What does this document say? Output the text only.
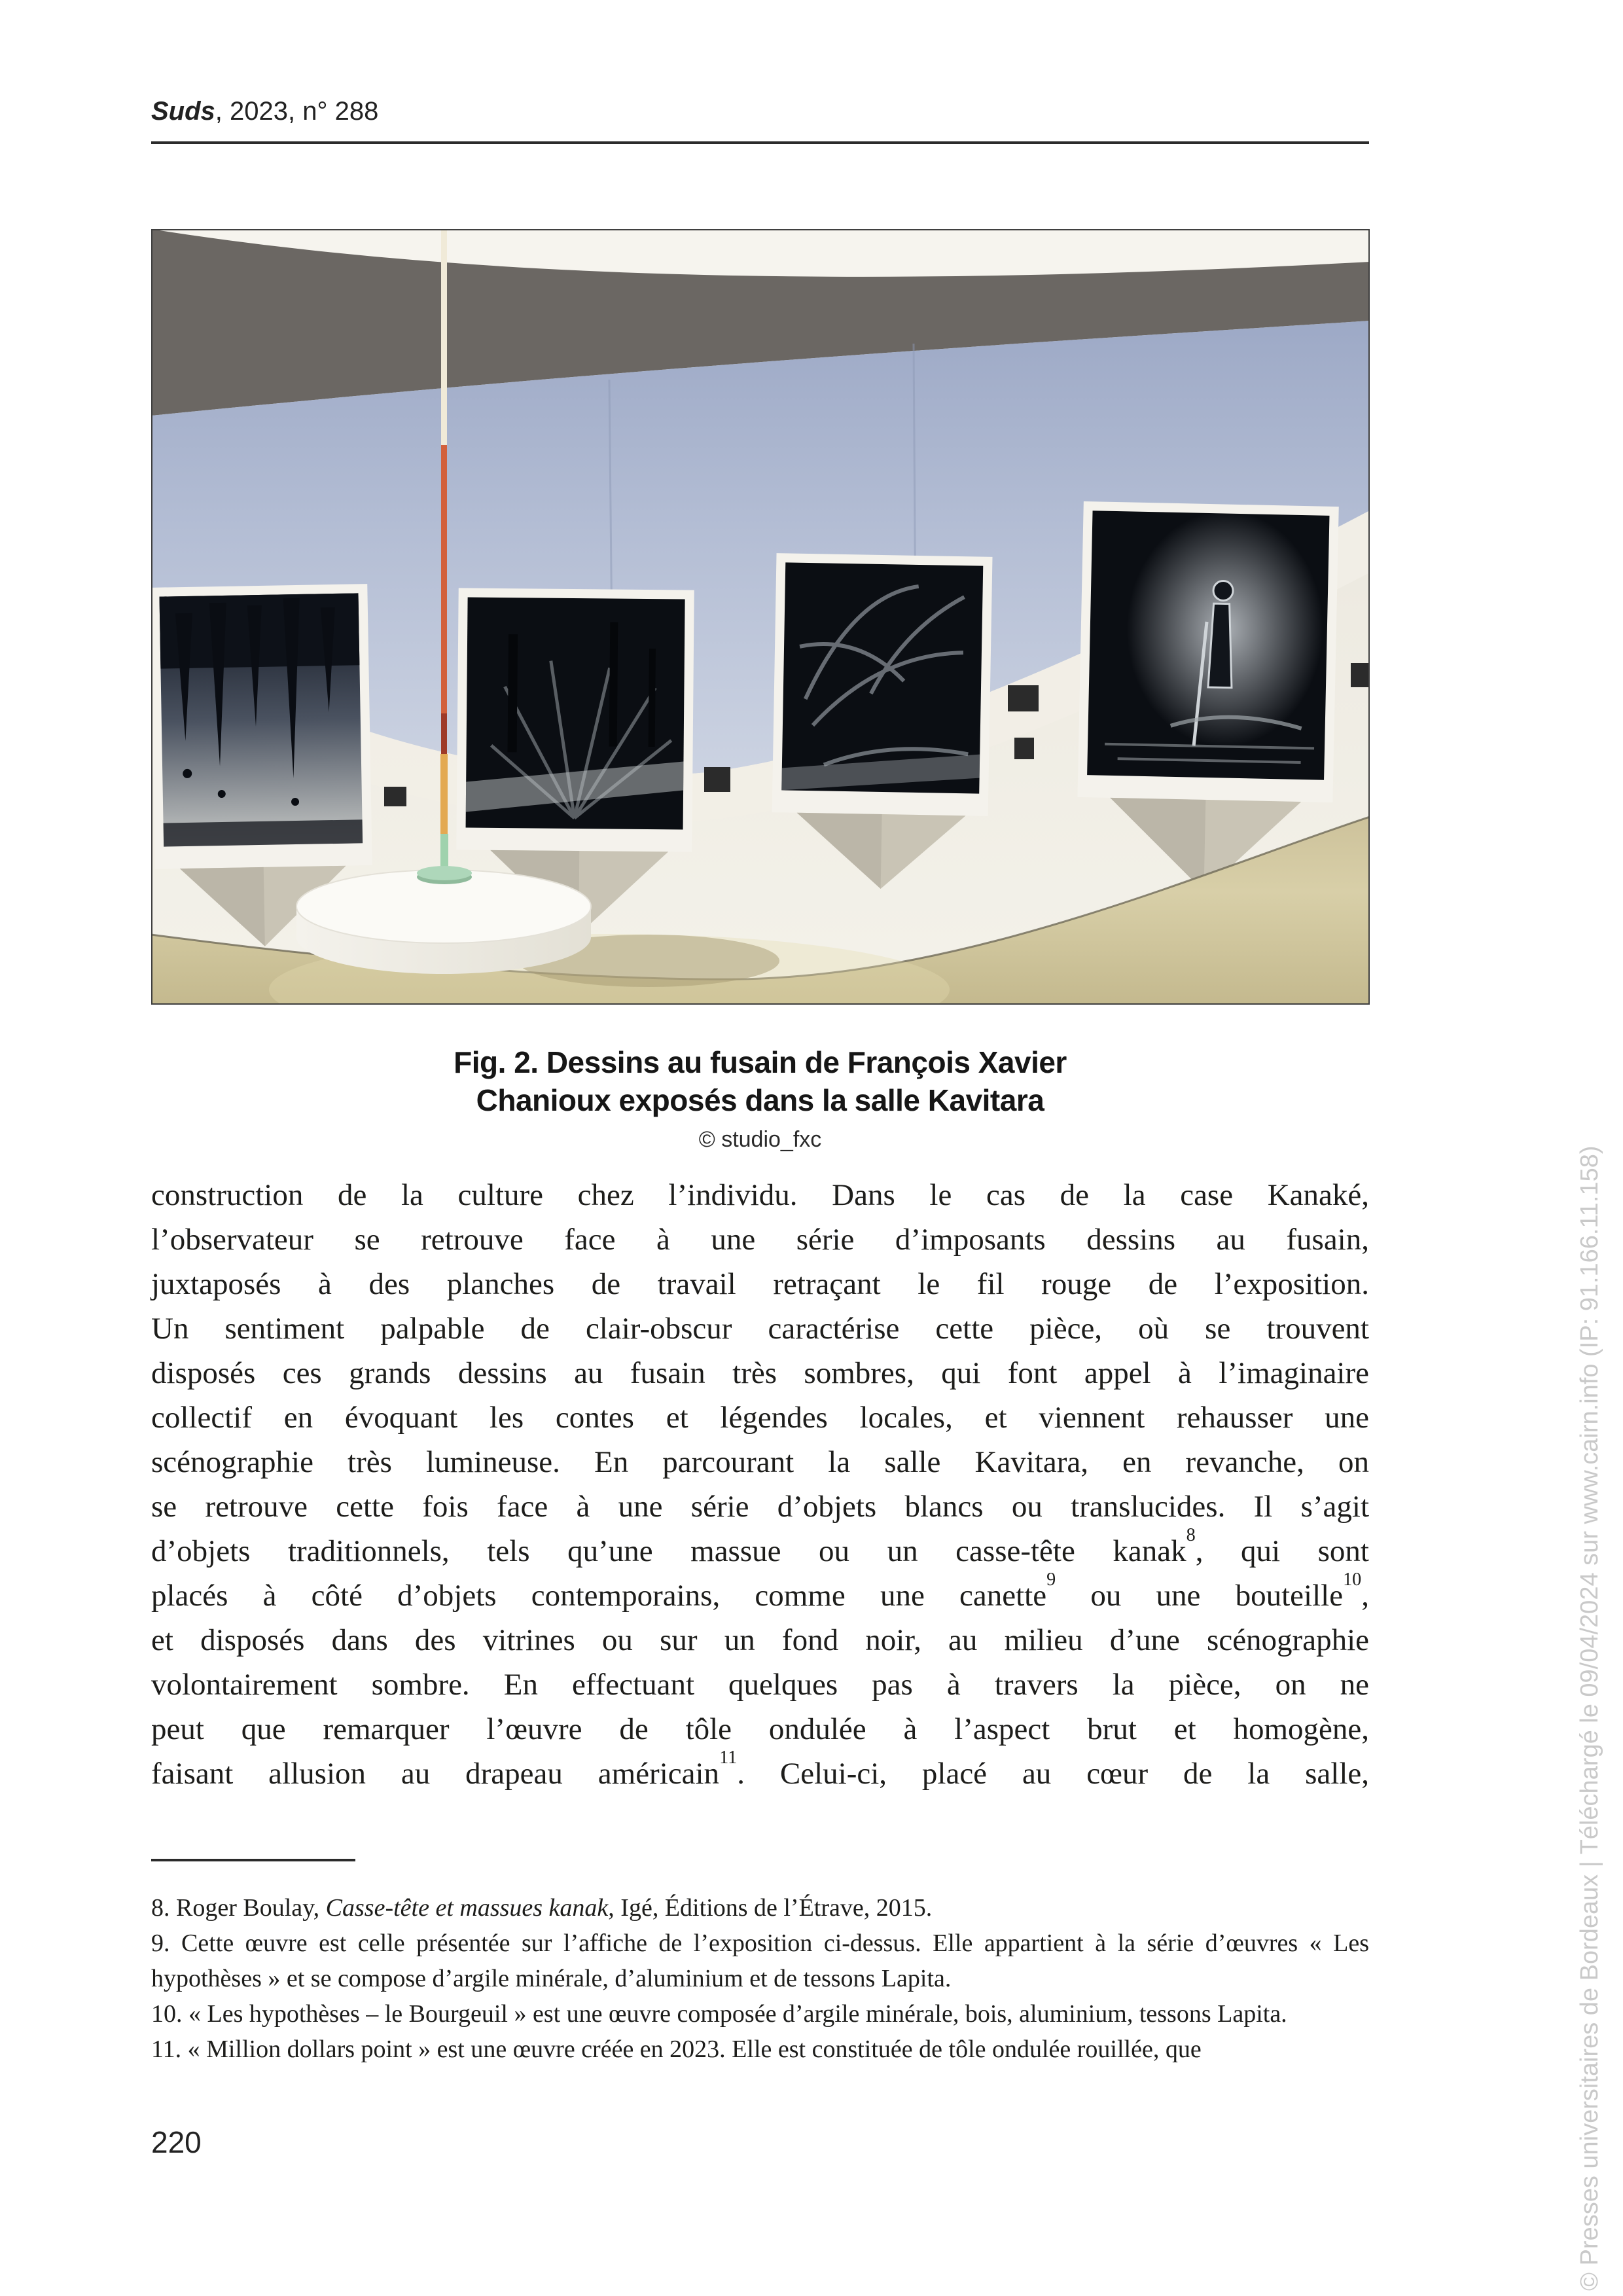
Suds, 2023, n° 288
Fig. 2. Dessins au fusain de François Xavier
Chanioux exposés dans la salle Kavitara
© studio_fxc
construction de la culture chez l’individu. Dans le cas de la case Kanaké,
l’observateur se retrouve face à une série d’imposants dessins au fusain,
juxtaposés à des planches de travail retraçant le fil rouge de l’exposition.
Un sentiment palpable de clair-obscur caractérise cette pièce, où se trouvent
disposés ces grands dessins au fusain très sombres, qui font appel à l’imaginaire
collectif en évoquant les contes et légendes locales, et viennent rehausser une
scénographie très lumineuse. En parcourant la salle Kavitara, en revanche, on
se retrouve cette fois face à une série d’objets blancs ou translucides. Il s’agit
d’objets traditionnels, tels qu’une massue ou un casse-tête kanak$^8$, qui sont
placés à côté d’objets contemporains, comme une canette$^9$ ou une bouteille$^{10}$,
et disposés dans des vitrines ou sur un fond noir, au milieu d’une scénographie
volontairement sombre. En effectuant quelques pas à travers la pièce, on ne
peut que remarquer l’œuvre de tôle ondulée à l’aspect brut et homogène,
faisant allusion au drapeau américain$^{11}$. Celui-ci, placé au cœur de la salle,

8. Roger Boulay, Casse-tête et massues kanak, Igé, Éditions de l’Étrave, 2015.

9. Cette œuvre est celle présentée sur l’affiche de l’exposition ci-dessus. Elle appartient à la série d’œuvres « Les hypothèses » et se compose d’argile minérale, d’aluminium et de tessons Lapita.

10. « Les hypothèses – le Bourgeuil » est une œuvre composée d’argile minérale, bois, aluminium, tessons Lapita.

11. « Million dollars point » est une œuvre créée en 2023. Elle est constituée de tôle ondulée rouillée, que

220	© Presses universitaires de Bordeaux | Téléchargé le 09/04/2024 sur www.cairn.info (IP: 91.166.11.158)
